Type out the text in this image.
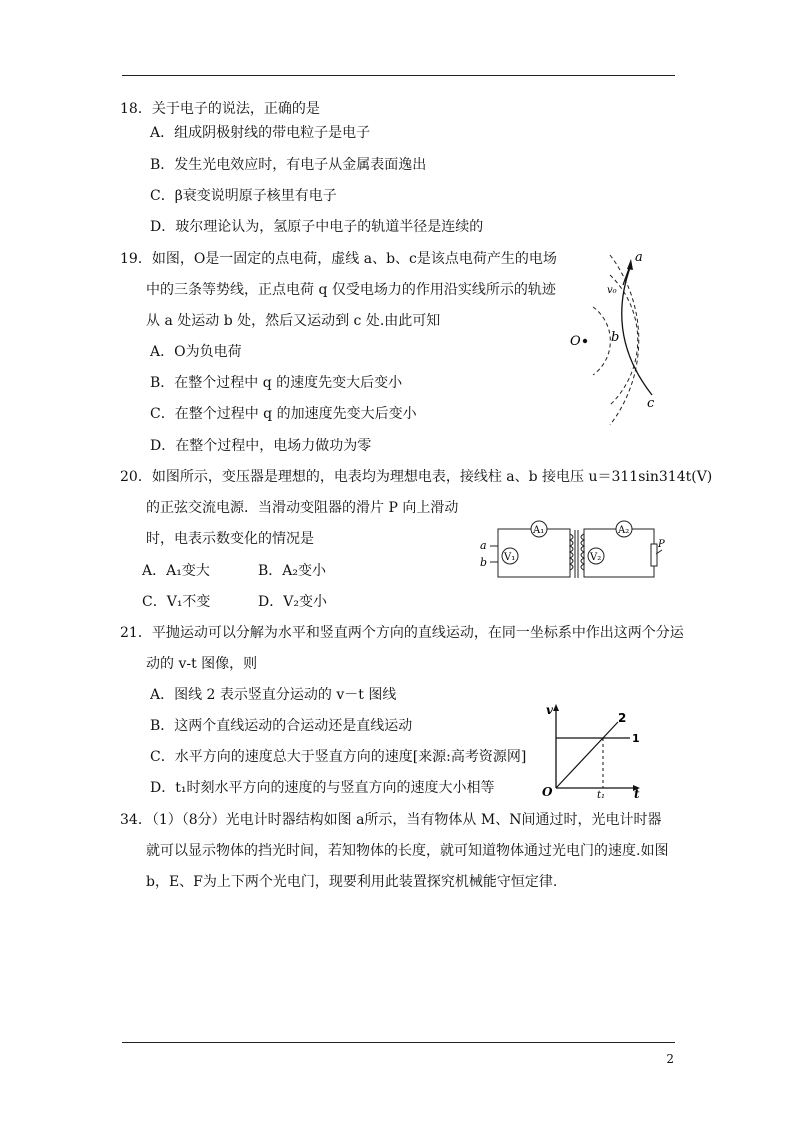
18．关于电子的说法，正确的是
A．组成阴极射线的带电粒子是电子
B．发生光电效应时，有电子从金属表面逸出
C．β衰变说明原子核里有电子
D．玻尔理论认为，氢原子中电子的轨道半径是连续的
19．如图，O是一固定的点电荷，虚线 a、b、c是该点电荷产生的电场
中的三条等势线，正点电荷 q 仅受电场力的作用沿实线所示的轨迹
从 a 处运动 b 处，然后又运动到 c 处.由此可知
A．O为负电荷
B．在整个过程中 q 的速度先变大后变小
C．在整个过程中 q 的加速度先变大后变小
D．在整个过程中，电场力做功为零
O
a
b
c
v₀
20．如图所示，变压器是理想的，电表均为理想电表，接线柱 a、b 接电压 u＝311sin314t(V)
的正弦交流电源．当滑动变阻器的滑片 P 向上滑动
时，电表示数变化的情况是
A．A₁变大	B．A₂变小
C．V₁不变	D．V₂变小
A₁
V₁
A₂
V₂
P
a
b
21．平抛运动可以分解为水平和竖直两个方向的直线运动，在同一坐标系中作出这两个分运
动的 v-t 图像，则
A．图线 2 表示竖直分运动的 v－t 图线
B．这两个直线运动的合运动还是直线运动
C．水平方向的速度总大于竖直方向的速度[来源:高考资源网]
D．t₁时刻水平方向的速度的与竖直方向的速度大小相等
v
t
O	t₁
1
2
34．（1）（8分）光电计时器结构如图 a所示，当有物体从 M、N间通过时，光电计时器
就可以显示物体的挡光时间，若知物体的长度，就可知道物体通过光电门的速度.如图
b，E、F为上下两个光电门，现要利用此装置探究机械能守恒定律.
2
